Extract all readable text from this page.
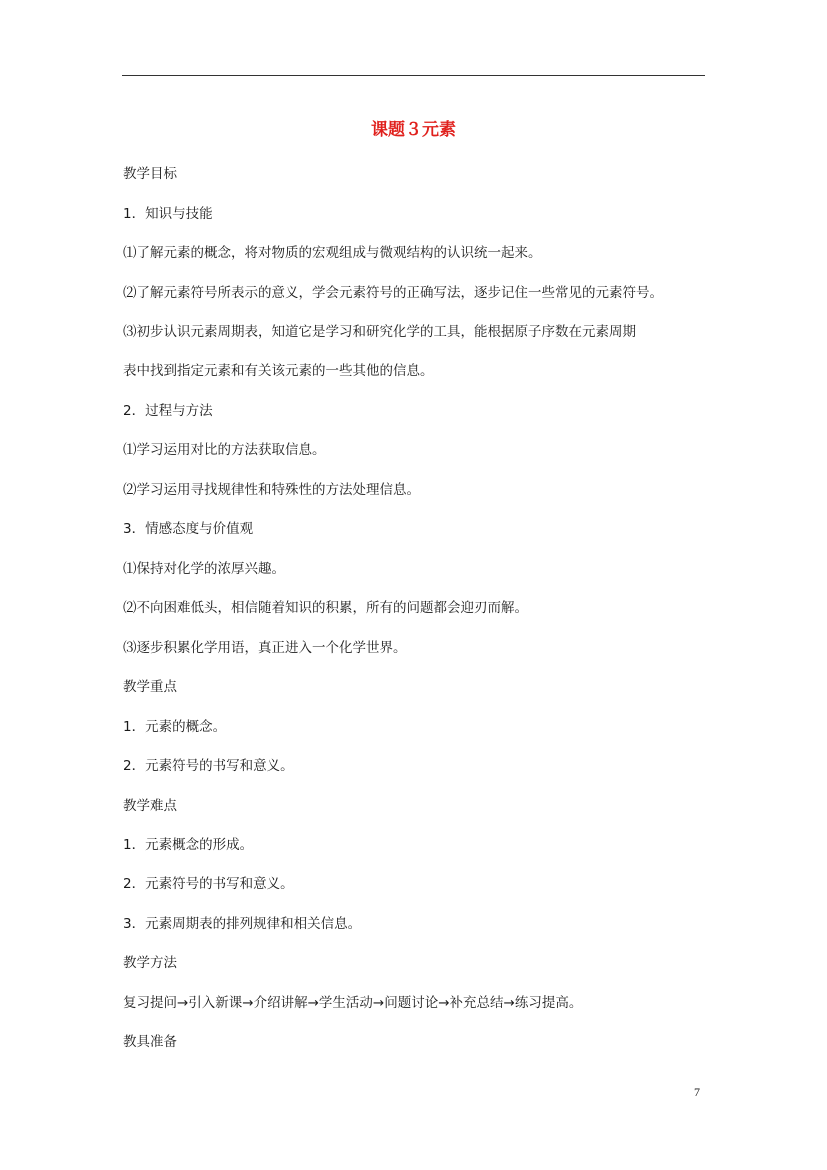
课题３元素
教学目标
1．知识与技能
⑴了解元素的概念，将对物质的宏观组成与微观结构的认识统一起来。
⑵了解元素符号所表示的意义，学会元素符号的正确写法，逐步记住一些常见的元素符号。
⑶初步认识元素周期表，知道它是学习和研究化学的工具，能根据原子序数在元素周期
表中找到指定元素和有关该元素的一些其他的信息。
2．过程与方法
⑴学习运用对比的方法获取信息。
⑵学习运用寻找规律性和特殊性的方法处理信息。
3．情感态度与价值观
⑴保持对化学的浓厚兴趣。
⑵不向困难低头，相信随着知识的积累，所有的问题都会迎刃而解。
⑶逐步积累化学用语，真正进入一个化学世界。
教学重点
1．元素的概念。
2．元素符号的书写和意义。
教学难点
1．元素概念的形成。
2．元素符号的书写和意义。
3．元素周期表的排列规律和相关信息。
教学方法
复习提问→引入新课→介绍讲解→学生活动→问题讨论→补充总结→练习提高。
教具准备
7
